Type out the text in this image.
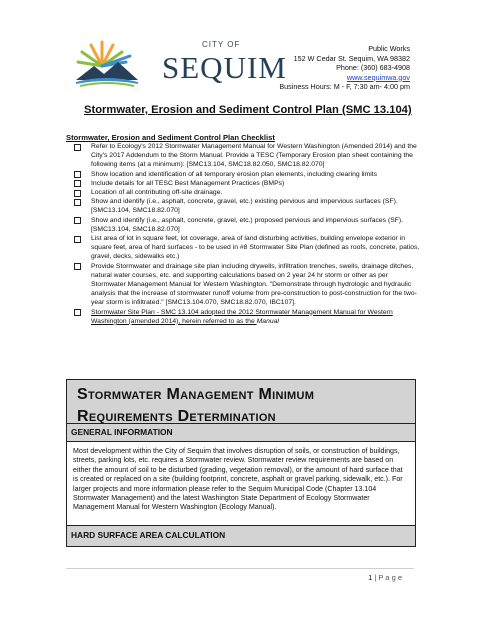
CITY OF
SEQUIM
Public Works
152 W Cedar St. Sequim, WA 98382
Phone: (360) 683-4908
www.sequimwa.gov
Business Hours: M - F, 7:30 am- 4:00 pm
Stormwater, Erosion and Sediment Control Plan (SMC 13.104)
Stormwater, Erosion and Sediment Control Plan Checklist
Refer to Ecology's 2012 Stormwater Management Manual for Western Washington (Amended 2014) and the City's 2017 Addendum to the Storm Manual. Provide a TESC (Temporary Erosion plan sheet containing the following items (at a minimum): [SMC13.104, SMC18.82.050, SMC18.82.070]
Show location and identification of all temporary erosion plan elements, including clearing limits
Include details for all TESC Best Management Practices (BMPs)
Location of all contributing off-site drainage.
Show and identify (i.e., asphalt, concrete, gravel, etc.) existing pervious and impervious surfaces (SF). [SMC13.104, SMC18.82.070]
Show and identify (i.e., asphalt, concrete, gravel, etc.) proposed pervious and impervious surfaces (SF). [SMC13.104, SMC18.82.070]
List area of lot in square feet, lot coverage, area of land disturbing activities, building envelope exterior in square feet, area of hard surfaces - to be used in #8 Stormwater Site Plan (defined as roofs, concrete, patios, gravel, decks, sidewalks etc.)
Provide Stormwater and drainage site plan including drywells, infiltration trenches, swells, drainage ditches, natural water courses, etc. and supporting calculations based on 2 year 24 hr storm or other as per Stormwater Management Manual for Western Washington. "Demonstrate through hydrologic and hydraulic analysis that the increase of stormwater runoff volume from pre-construction to post-construction for the two-year storm is infiltrated." [SMC13.104.070, SMC18.82.070, IBC107].
Stormwater Site Plan - SMC 13.104 adopted the 2012 Stormwater Management Manual for Western Washington (amended 2014), herein referred to as the Manual
Stormwater Management Minimum Requirements Determination
GENERAL INFORMATION
Most development within the City of Sequim that involves disruption of soils, or construction of buildings, streets, parking lots, etc. requires a Stormwater review. Stormwater review requirements are based on either the amount of soil to be disturbed (grading, vegetation removal), or the amount of hard surface that is created or replaced on a site (building footprint, concrete, asphalt or gravel parking, sidewalk, etc.). For larger projects and more information please refer to the Sequim Municipal Code (Chapter 13.104 Stormwater Management) and the latest Washington State Department of Ecology Stormwater Management Manual for Western Washington (Ecology Manual).
HARD SURFACE AREA CALCULATION
1 | P a g e
